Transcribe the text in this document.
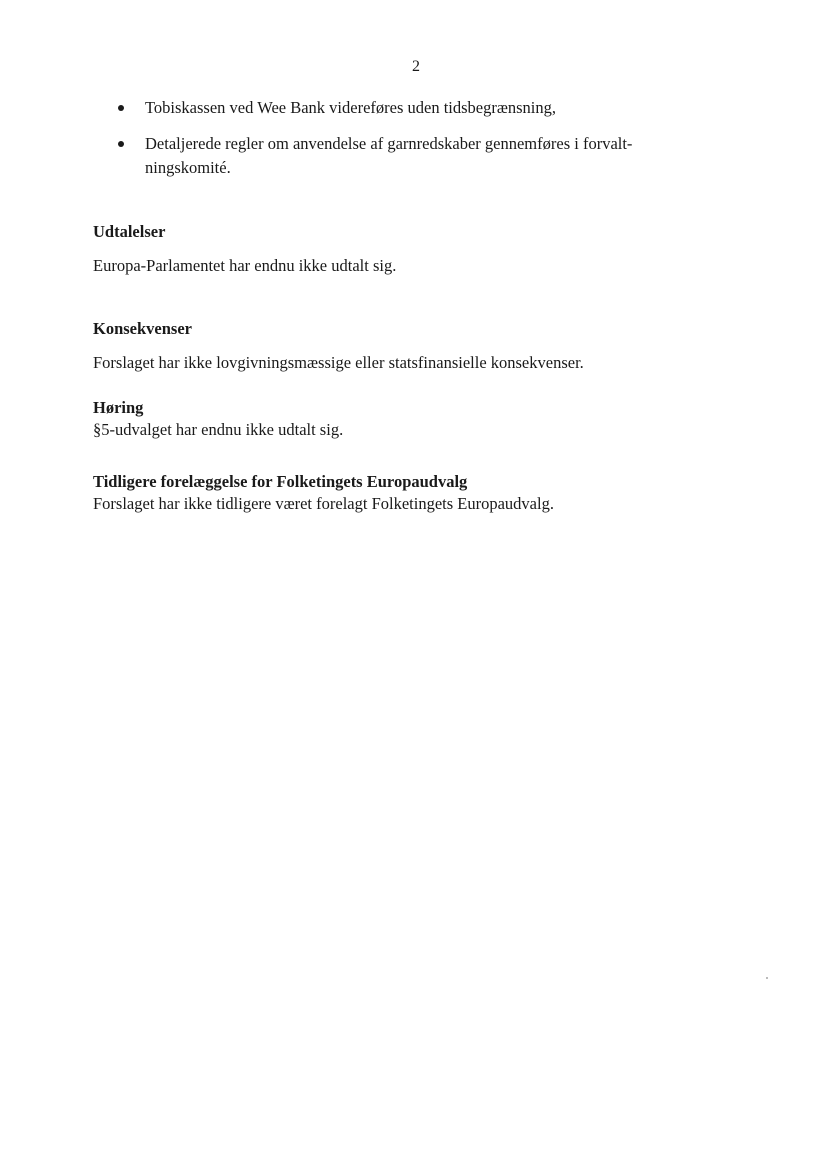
2
Tobiskassen ved Wee Bank videreføres uden tidsbegrænsning,
Detaljerede regler om anvendelse af garnredskaber gennemføres i forvalt-
ningskomité.

Udtalelser

Europa-Parlamentet har endnu ikke udtalt sig.

Konsekvenser

Forslaget har ikke lovgivningsmæssige eller statsfinansielle konsekvenser.

Høring

§5-udvalget har endnu ikke udtalt sig.

Tidligere forelæggelse for Folketingets Europaudvalg

Forslaget har ikke tidligere været forelagt Folketingets Europaudvalg.
